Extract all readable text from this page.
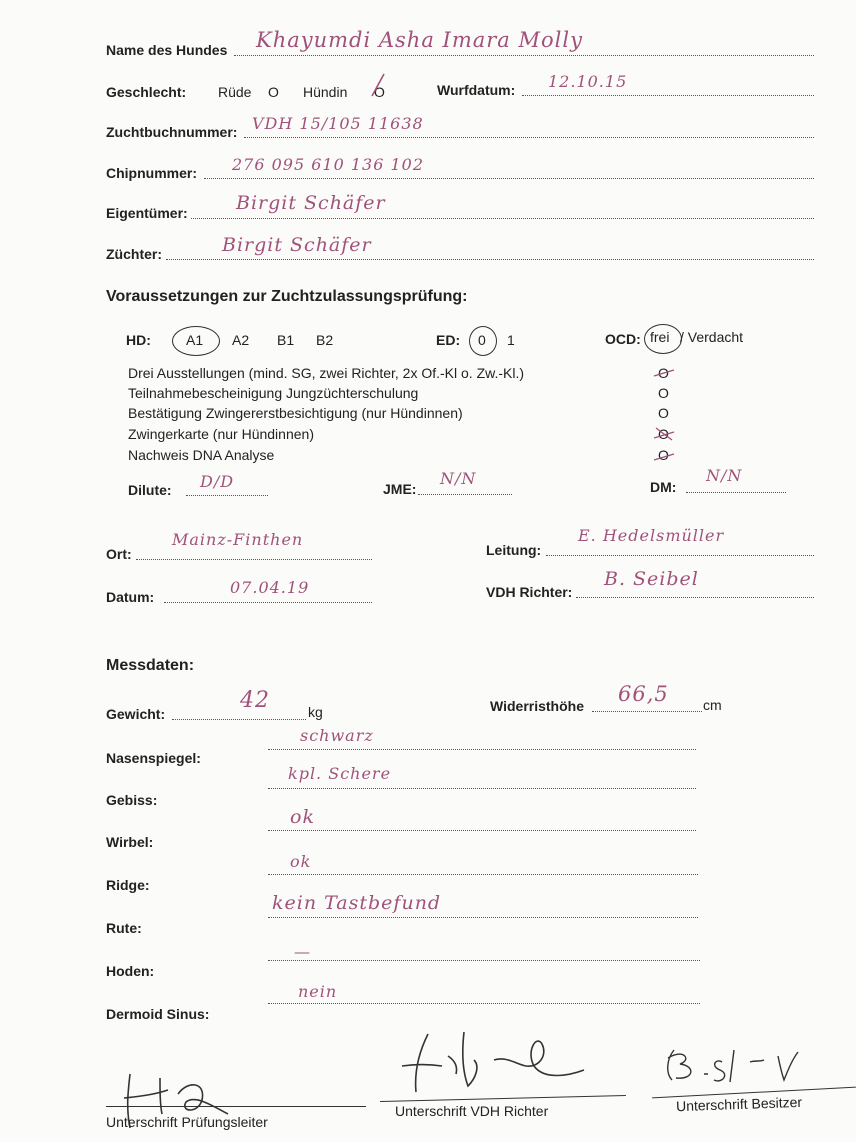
Name des Hundes Khayumdi Asha Imara Molly
Geschlecht: Rüde O Hündin O	Wurfdatum: 12.10.15
Zuchtbuchnummer: VDH 15/105 11638
Chipnummer: 276 095 610 136 102
Eigentümer:	Birgit Schäfer
Züchter:	Birgit Schäfer
Voraussetzungen zur Zuchtzulassungsprüfung:
HD:	A1 A2 B1 B2	ED: 0 1	OCD: frei / Verdacht
Drei Ausstellungen (mind. SG, zwei Richter, 2x Of.-Kl o. Zw.-Kl.)	O
Teilnahmebescheinigung Jungzüchterschulung	O
Bestätigung Zwingererstbesichtigung (nur Hündinnen)	O
Zwingerkarte (nur Hündinnen)	O
Nachweis DNA Analyse	O
Dilute: D/D	JME:
N/N	DM:
N/N
Ort:
Mainz-Finthen
Leitung:
E. Hedelsmüller
Datum:	07.04.19	VDH Richter:
B. Seibel
Messdaten:
Gewicht:
42	kg	Widerristhöhe 66,5 cm
Nasenspiegel:
schwarz
Gebiss:
kpl. Schere
Wirbel:
ok
Ridge:
ok
Rute:
kein Tastbefund
Hoden:
—
Dermoid Sinus:
nein
Unterschrift Prüfungsleiter
Unterschrift VDH Richter	Unterschrift Besitzer
